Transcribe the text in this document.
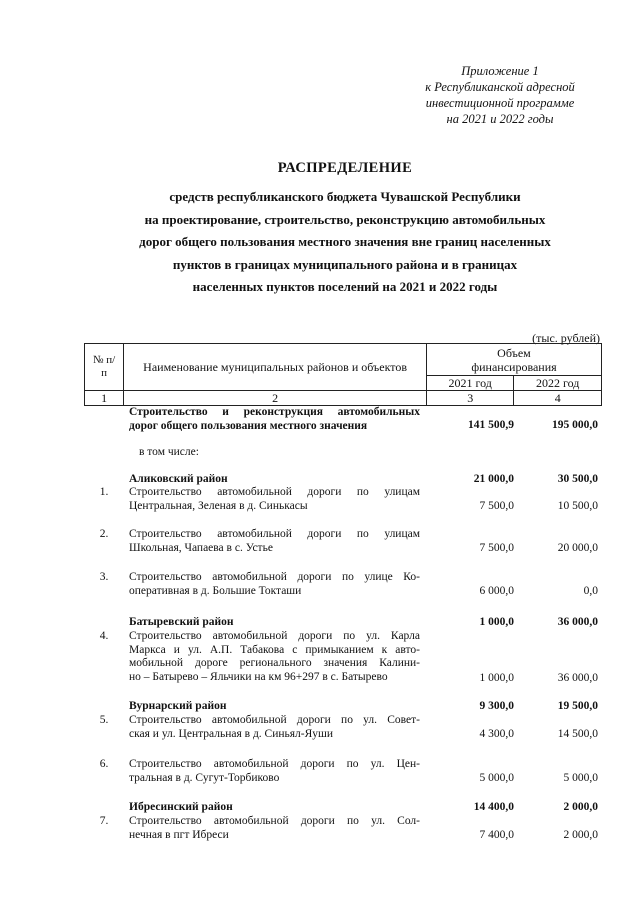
Приложение 1
к Республиканской адресной
инвестиционной программе
на 2021 и 2022 годы
РАСПРЕДЕЛЕНИЕ
средств республиканского бюджета Чувашской Республики
на проектирование, строительство, реконструкцию автомобильных
дорог общего пользования местного значения вне границ населенных
пунктов в границах муниципального района и в границах
населенных пунктов поселений на 2021 и 2022 годы
(тыс. рублей)
№ п/п	Наименование муниципальных районов и объектов	Объем финансирования	

		2021 год	2022 год
1	2	3	4
Строительство и реконструкция автомобильных
дорог общего пользования местного значения	141 500,9	195 000,0
в том числе:
Аликовский район	21 000,0	30 500,0
1.	Строительство автомобильной дороги по улицам
Центральная, Зеленая в д. Синькасы	7 500,0	10 500,0
2.	Строительство автомобильной дороги по улицам
Школьная, Чапаева в с. Устье	7 500,0	20 000,0
3.	Строительство автомобильной дороги по улице Ко-
оперативная в д. Большие Токташи	6 000,0	0,0
Батыревский район	1 000,0	36 000,0
4.	Строительство автомобильной дороги по ул. Карла
Маркса и ул. А.П. Табакова с примыканием к авто-
мобильной дороге регионального значения Калини-
но – Батырево – Яльчики на км 96+297 в с. Батырево	1 000,0	36 000,0
Вурнарский район	9 300,0	19 500,0
5.	Строительство автомобильной дороги по ул. Совет-
ская и ул. Центральная в д. Синьял-Яуши	4 300,0	14 500,0
6.	Строительство автомобильной дороги по ул. Цен-
тральная в д. Сугут-Торбиково	5 000,0	5 000,0
Ибресинский район	14 400,0	2 000,0
7.	Строительство автомобильной дороги по ул. Сол-
нечная в пгт Ибреси	7 400,0	2 000,0
